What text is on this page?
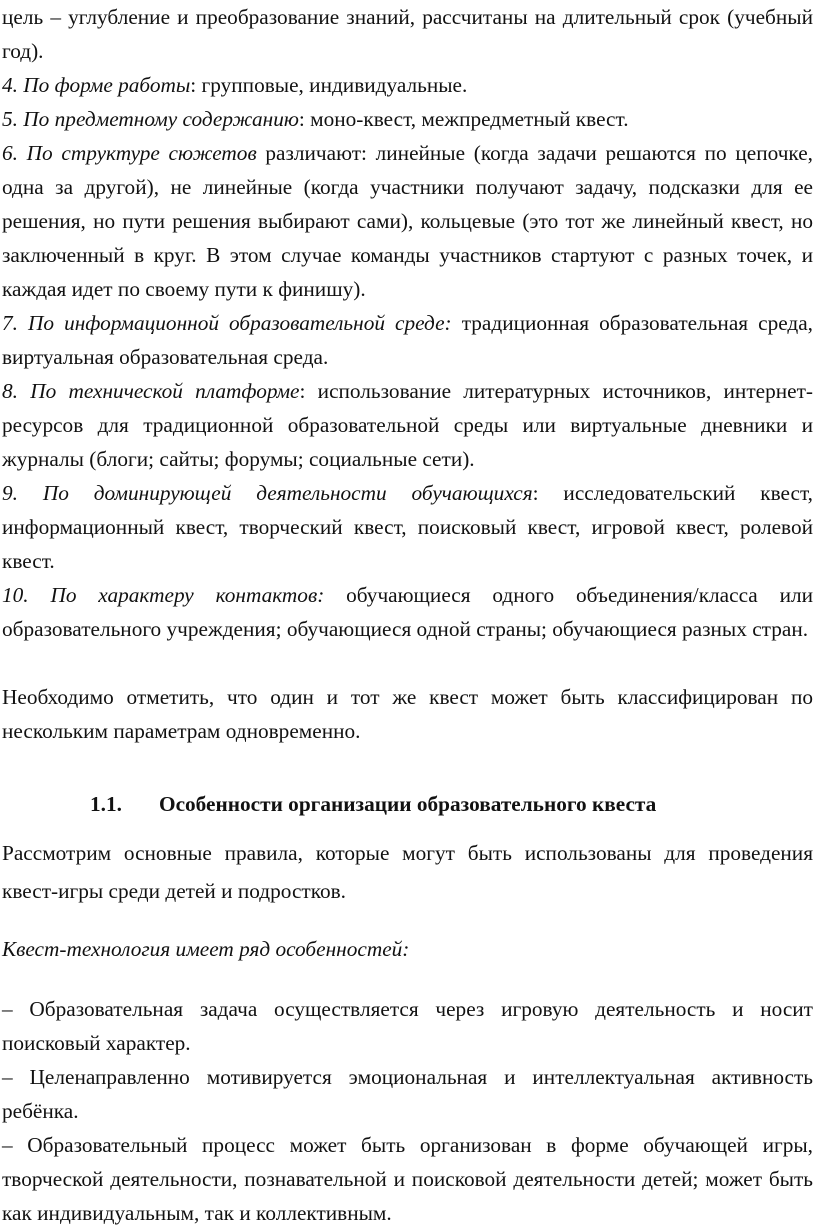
цель – углубление и преобразование знаний, рассчитаны на длительный срок (учебный год).

4. По форме работы: групповые, индивидуальные.

5. По предметному содержанию: моно-квест, межпредметный квест.

6. По структуре сюжетов различают: линейные (когда задачи решаются по цепочке, одна за другой), не линейные (когда участники получают задачу, подсказки для ее решения, но пути решения выбирают сами), кольцевые (это тот же линейный квест, но заключенный в круг. В этом случае команды участников стартуют с разных точек, и каждая идет по своему пути к финишу).

7. По информационной образовательной среде: традиционная образовательная среда, виртуальная образовательная среда.

8. По технической платформе: использование литературных источников, интернет-ресурсов для традиционной образовательной среды или виртуальные дневники и журналы (блоги; сайты; форумы; социальные сети).

9. По доминирующей деятельности обучающихся: исследовательский квест, информационный квест, творческий квест, поисковый квест, игровой квест, ролевой квест.

10. По характеру контактов: обучающиеся одного объединения/класса или образовательного учреждения; обучающиеся одной страны; обучающиеся разных стран.

Необходимо отметить, что один и тот же квест может быть классифицирован по нескольким параметрам одновременно.

1.1. Особенности организации образовательного квеста

Рассмотрим основные правила, которые могут быть использованы для проведения квест-игры среди детей и подростков.

Квест-технология имеет ряд особенностей:

– Образовательная задача осуществляется через игровую деятельность и носит поисковый характер.

– Целенаправленно мотивируется эмоциональная и интеллектуальная активность ребёнка.

– Образовательный процесс может быть организован в форме обучающей игры, творческой деятельности, познавательной и поисковой деятельности детей; может быть как индивидуальным, так и коллективным.
